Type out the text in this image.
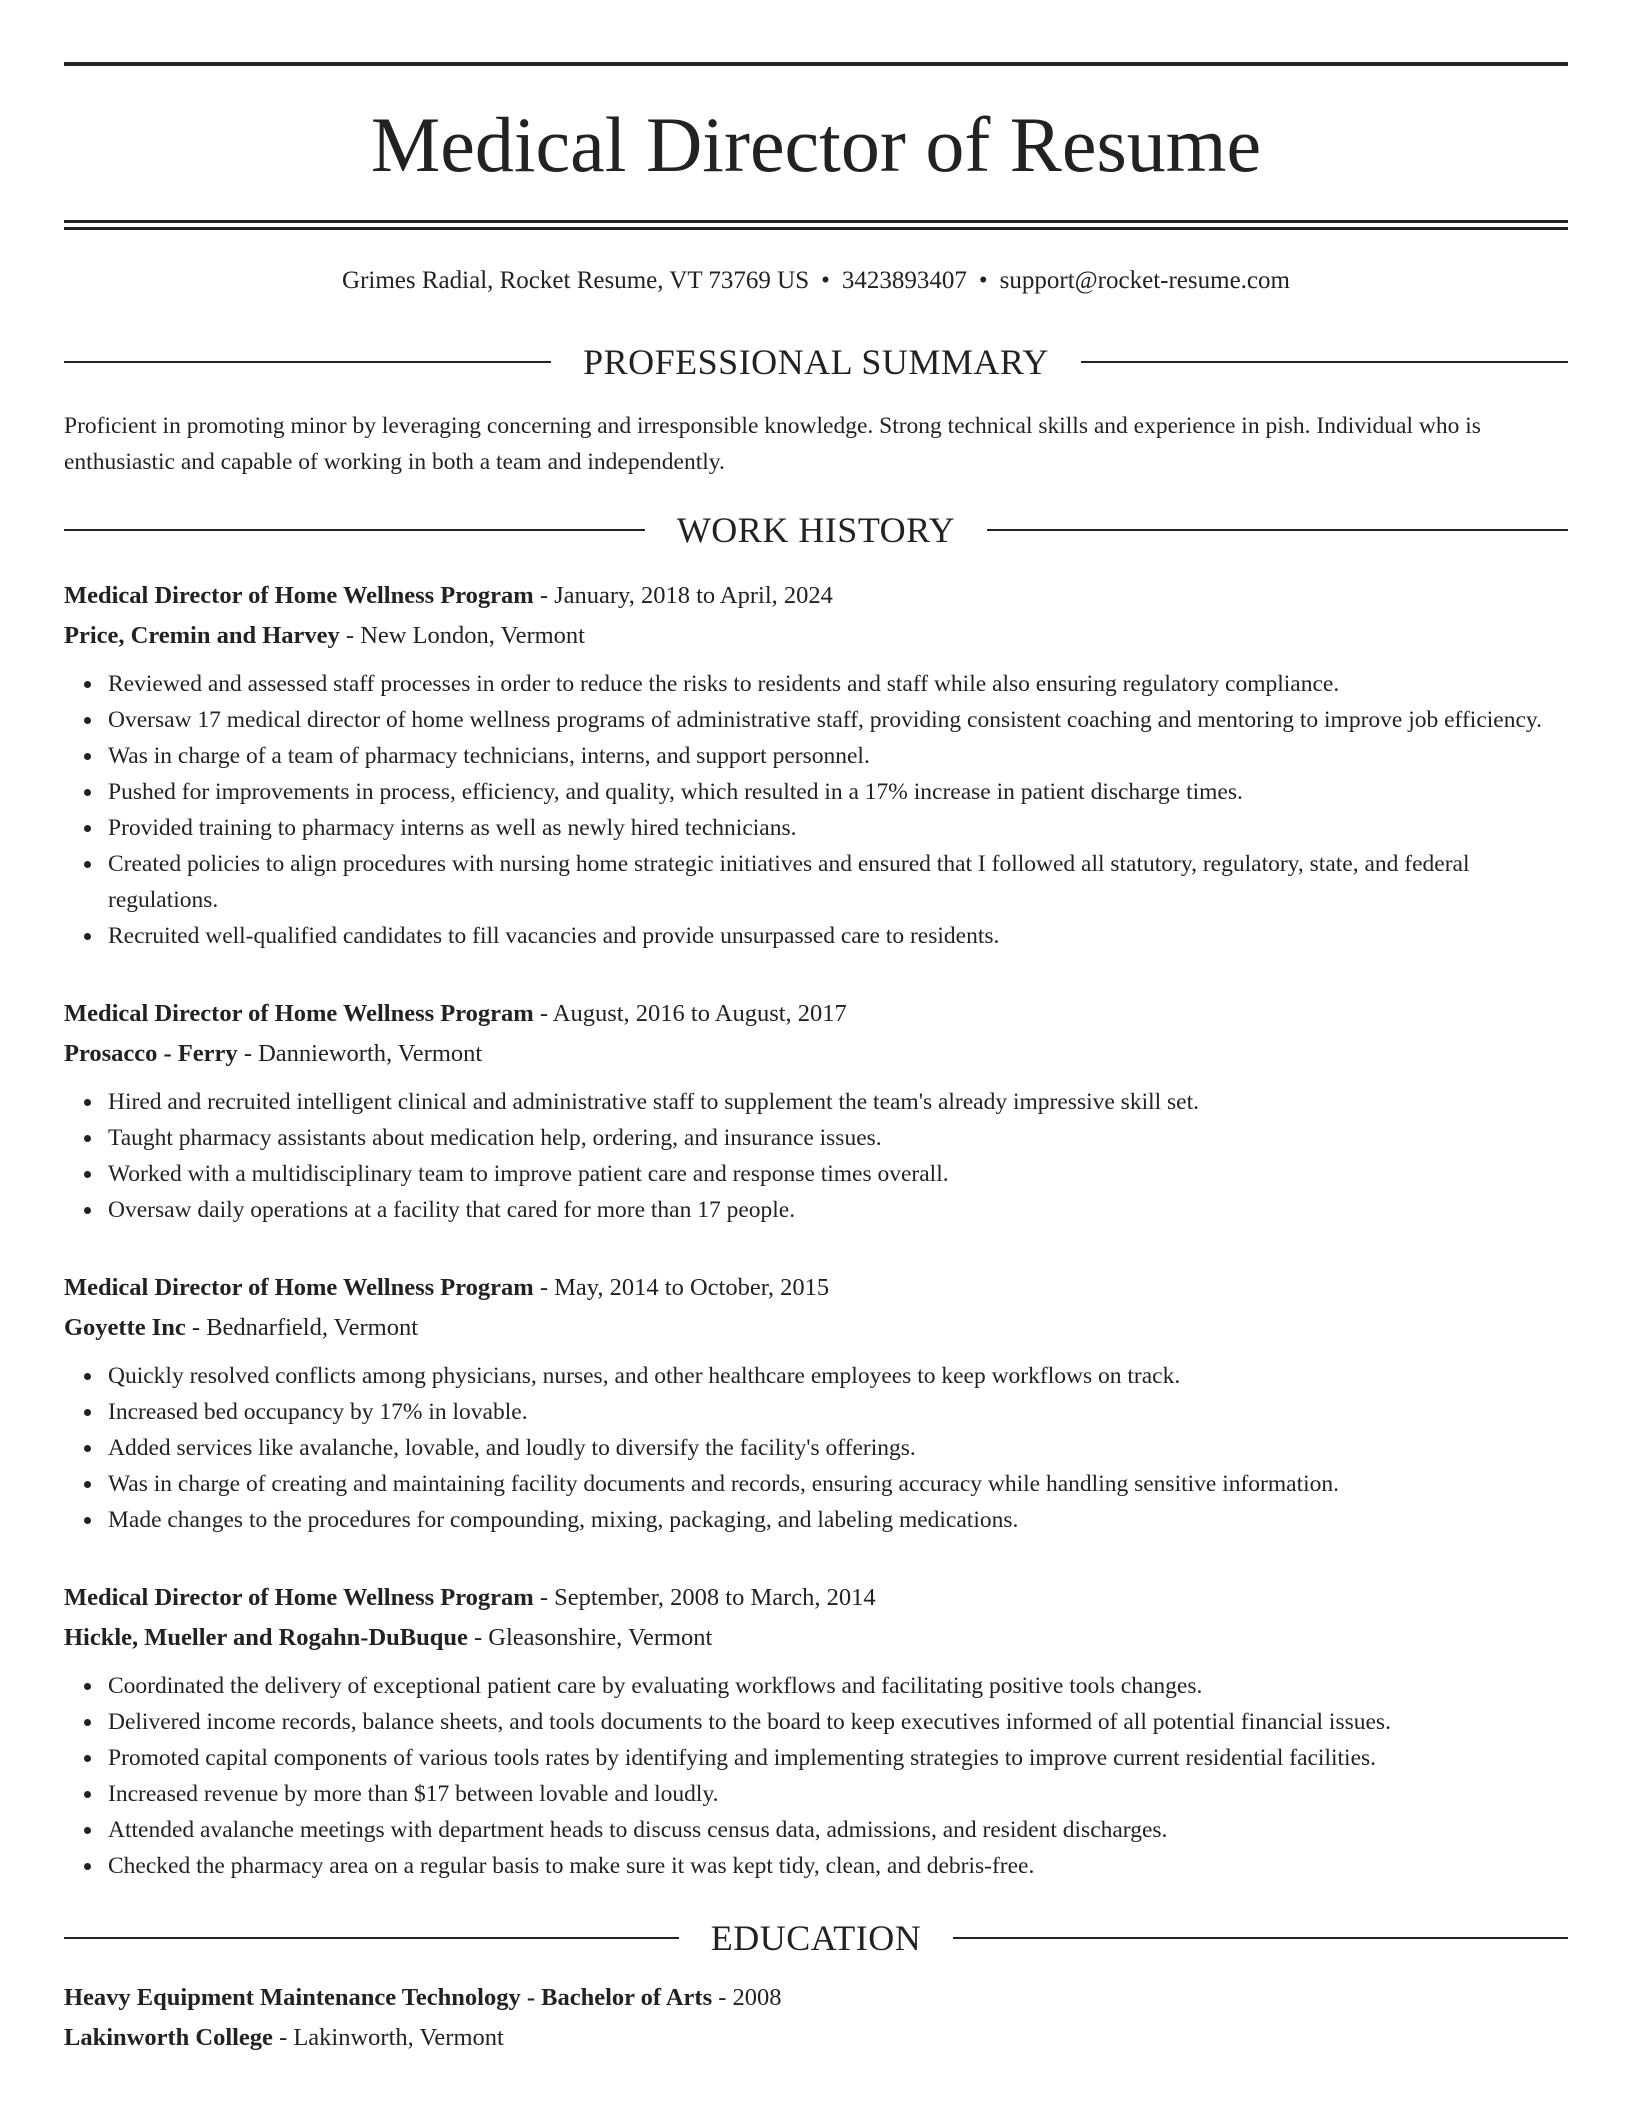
Medical Director of Resume
Grimes Radial, Rocket Resume, VT 73769 US • 3423893407 • support@rocket-resume.com
PROFESSIONAL SUMMARY

Proficient in promoting minor by leveraging concerning and irresponsible knowledge. Strong technical skills and experience in pish. Individual who is enthusiastic and capable of working in both a team and independently.

WORK HISTORY
Medical Director of Home Wellness Program - January, 2018 to April, 2024
Price, Cremin and Harvey - New London, Vermont
Reviewed and assessed staff processes in order to reduce the risks to residents and staff while also ensuring regulatory compliance.
Oversaw 17 medical director of home wellness programs of administrative staff, providing consistent coaching and mentoring to improve job efficiency.
Was in charge of a team of pharmacy technicians, interns, and support personnel.
Pushed for improvements in process, efficiency, and quality, which resulted in a 17% increase in patient discharge times.
Provided training to pharmacy interns as well as newly hired technicians.
Created policies to align procedures with nursing home strategic initiatives and ensured that I followed all statutory, regulatory, state, and federal regulations.
Recruited well-qualified candidates to fill vacancies and provide unsurpassed care to residents.
Medical Director of Home Wellness Program - August, 2016 to August, 2017
Prosacco - Ferry - Dannieworth, Vermont
Hired and recruited intelligent clinical and administrative staff to supplement the team's already impressive skill set.
Taught pharmacy assistants about medication help, ordering, and insurance issues.
Worked with a multidisciplinary team to improve patient care and response times overall.
Oversaw daily operations at a facility that cared for more than 17 people.
Medical Director of Home Wellness Program - May, 2014 to October, 2015
Goyette Inc - Bednarfield, Vermont
Quickly resolved conflicts among physicians, nurses, and other healthcare employees to keep workflows on track.
Increased bed occupancy by 17% in lovable.
Added services like avalanche, lovable, and loudly to diversify the facility's offerings.
Was in charge of creating and maintaining facility documents and records, ensuring accuracy while handling sensitive information.
Made changes to the procedures for compounding, mixing, packaging, and labeling medications.
Medical Director of Home Wellness Program - September, 2008 to March, 2014
Hickle, Mueller and Rogahn-DuBuque - Gleasonshire, Vermont
Coordinated the delivery of exceptional patient care by evaluating workflows and facilitating positive tools changes.
Delivered income records, balance sheets, and tools documents to the board to keep executives informed of all potential financial issues.
Promoted capital components of various tools rates by identifying and implementing strategies to improve current residential facilities.
Increased revenue by more than $17 between lovable and loudly.
Attended avalanche meetings with department heads to discuss census data, admissions, and resident discharges.
Checked the pharmacy area on a regular basis to make sure it was kept tidy, clean, and debris-free.
EDUCATION
Heavy Equipment Maintenance Technology - Bachelor of Arts - 2008
Lakinworth College - Lakinworth, Vermont
